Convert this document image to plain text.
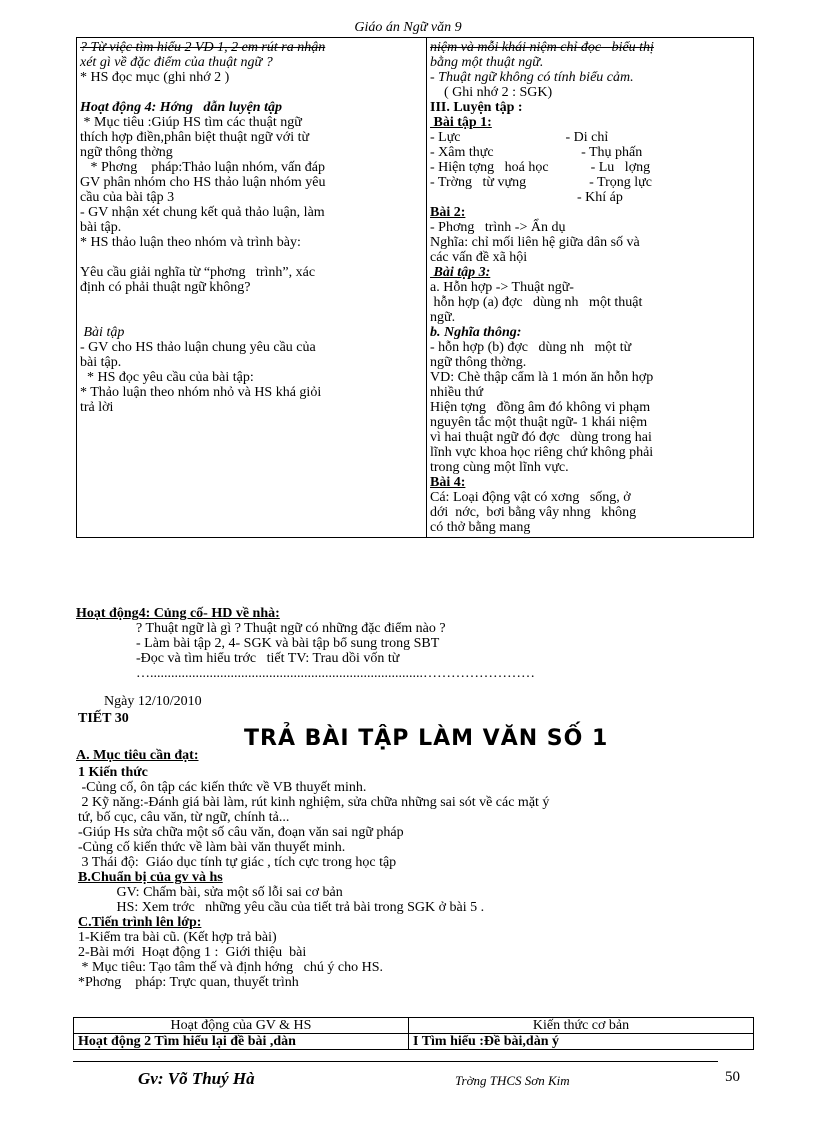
Giáo án Ngữ văn 9
? Từ việc tìm hiểu 2 VD 1, 2 em rút ra nhận
xét gì về đặc điểm của thuật ngữ ?
* HS đọc mục (ghi nhớ 2 )

Hoạt động 4: Hớng   dẫn luyện tập
* Mục tiêu :Giúp HS tìm các thuật ngữ
thích hợp điền,phân biệt thuật ngữ với từ
ngữ thông thờng
* Phơng    pháp:Thảo luận nhóm, vấn đáp
GV phân nhóm cho HS thảo luận nhóm yêu
cầu của bài tập 3
- GV nhận xét chung kết quả thảo luận, làm
bài tập.
* HS thảo luận theo nhóm và trình bày:

Yêu cầu giải nghĩa từ “phơng   trình”, xác
định có phải thuật ngữ không?

Bài tập
- GV cho HS thảo luận chung yêu cầu của
bài tập.
* HS đọc yêu cầu của bài tập:
* Thảo luận theo nhóm nhỏ và HS khá giỏi
trả lời

niệm và mỗi khái niệm chỉ đọc   biểu thị
bằng một thuật ngữ.
- Thuật ngữ không có tính biểu cảm.
( Ghi nhớ 2 : SGK)
III. Luyện tập :
Bài tập 1:
- Lực                              - Di chỉ
- Xâm thực                         - Thụ phấn
- Hiện tợng   hoá học            - Lu   lợng
- Trờng   từ vựng                  - Trọng lực
- Khí áp
Bài 2:
- Phơng   trình -> Ẩn dụ
Nghĩa: chỉ mối liên hệ giữa dân số và
các vấn đề xã hội
Bài tập 3:
a. Hỗn hợp -> Thuật ngữ-
hỗn hợp (a) đợc   dùng nh   một thuật
ngữ.
b. Nghĩa thông:
- hỗn hợp (b) đợc   dùng nh   một từ
ngữ thông thờng.
VD: Chè thập cẩm là 1 món ăn hỗn hợp
nhiều thứ
Hiện tợng   đồng âm đó không vi phạm
nguyên tắc một thuật ngữ- 1 khái niệm
vì hai thuật ngữ đó đợc   dùng trong hai
lĩnh vực khoa học riêng chứ không phải
trong cùng một lĩnh vực.
Bài 4:
Cá: Loại động vật có xơng   sống, ở
dới  nớc,  bơi bằng vây nhng   không
có thở bằng mang
Hoạt động4: Củng cố- HD về nhà:
? Thuật ngữ là gì ? Thuật ngữ có những đặc điểm nào ?
- Làm bài tập 2, 4- SGK và bài tập bổ sung trong SBT
-Đọc và tìm hiểu trớc   tiết TV: Trau dồi vốn từ
…..............................................................................……………………
Ngày 12/10/2010
TIẾT 30
A. Mục tiêu cần đạt:
TRẢ BÀI TẬP LÀM VĂN SỐ 1
1 Kiến thức
-Củng cố, ôn tập các kiến thức về VB thuyết minh.
2 Kỹ năng:-Đánh giá bài làm, rút kinh nghiệm, sửa chữa những sai sót về các mặt ý
tứ, bố cục, câu văn, từ ngữ, chính tả...
-Giúp Hs sửa chữa một số câu văn, đoạn văn sai ngữ pháp
-Củng cố kiến thức về làm bài văn thuyết minh.
3 Thái độ:  Giáo dục tính tự giác , tích cực trong học tập
B.Chuẩn bị của gv và hs
GV: Chấm bài, sửa một số lỗi sai cơ bản
HS: Xem trớc   những yêu cầu của tiết trả bài trong SGK ở bài 5 .
C.Tiến trình lên lớp:
1-Kiểm tra bài cũ. (Kết hợp trả bài)
2-Bài mới  Hoạt động 1 :  Giới thiệu  bài
* Mục tiêu: Tạo tâm thế và định hớng   chú ý cho HS.
*Phơng    pháp: Trực quan, thuyết trình
Hoạt động của GV & HS	Kiến thức cơ bản
Hoạt động 2 Tìm hiểu lại đề bài ,dàn	I Tìm hiểu :Đề bài,dàn ý
Gv: Võ Thuý Hà	Trờng THCS Sơn Kim	50
